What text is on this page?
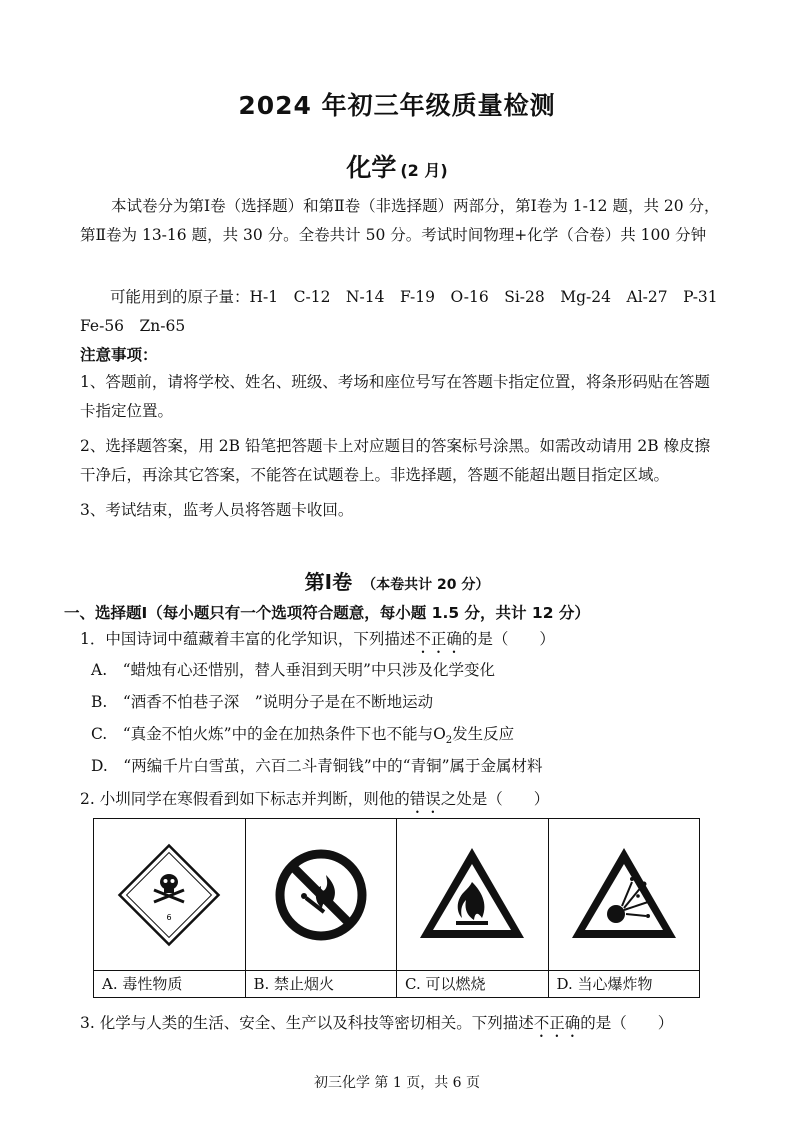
2024 年初三年级质量检测
化学 (2 月)

本试卷分为第Ⅰ卷（选择题）和第Ⅱ卷（非选择题）两部分，第Ⅰ卷为 1-12 题，共 20 分，第Ⅱ卷为 13-16 题，共 30 分。全卷共计 50 分。考试时间物理+化学（合卷）共 100 分钟

可能用到的原子量：H-1　C-12　N-14　F-19　O-16　Si-28　Mg-24　Al-27　P-31
Fe-56　Zn-65
注意事项：

1、答题前，请将学校、姓名、班级、考场和座位号写在答题卡指定位置，将条形码贴在答题卡指定位置。

2、选择题答案，用 2B 铅笔把答题卡上对应题目的答案标号涂黑。如需改动请用 2B 橡皮擦干净后，再涂其它答案，不能答在试题卷上。非选择题，答题不能超出题目指定区域。

3、考试结束，监考人员将答题卡收回。

第Ⅰ卷 （本卷共计 20 分）
一、选择题Ⅰ（每小题只有一个选项符合题意，每小题 1.5 分，共计 12 分）
1．中国诗词中蕴藏着丰富的化学知识，下列描述不正确的是（　　）
A.　“蜡烛有心还惜别，替人垂泪到天明”中只涉及化学变化
B.　“酒香不怕巷子深　”说明分子是在不断地运动
C.　“真金不怕火炼”中的金在加热条件下也不能与$O_2$发生反应
D.　“两编千片白雪茧，六百二斗青铜钱”中的“青铜”属于金属材料
2. 小圳同学在寒假看到如下标志并判断，则他的错误之处是（　　）
6
A. 毒性物质	B. 禁止烟火	C. 可以燃烧	D. 当心爆炸物
3. 化学与人类的生活、安全、生产以及科技等密切相关。下列描述不正确的是（　　）
初三化学 第 1 页，共 6 页
